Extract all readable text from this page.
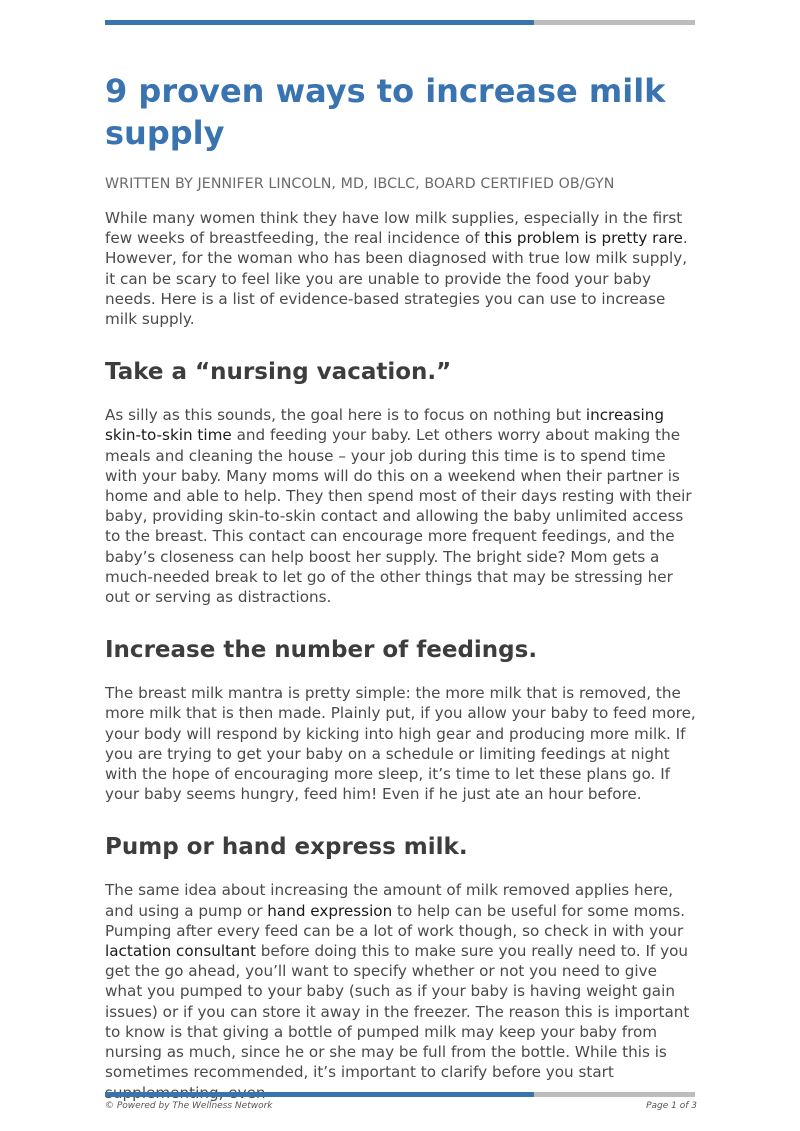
9 proven ways to increase milk supply
WRITTEN BY JENNIFER LINCOLN, MD, IBCLC, BOARD CERTIFIED OB/GYN

While many women think they have low milk supplies, especially in the first few weeks of breastfeeding, the real incidence of this problem is pretty rare. However, for the woman who has been diagnosed with true low milk supply, it can be scary to feel like you are unable to provide the food your baby needs. Here is a list of evidence-based strategies you can use to increase milk supply.

Take a “nursing vacation.”

As silly as this sounds, the goal here is to focus on nothing but increasing skin-to-skin time and feeding your baby. Let others worry about making the meals and cleaning the house – your job during this time is to spend time with your baby. Many moms will do this on a weekend when their partner is home and able to help. They then spend most of their days resting with their baby, providing skin-to-skin contact and allowing the baby unlimited access to the breast. This contact can encourage more frequent feedings, and the baby’s closeness can help boost her supply. The bright side? Mom gets a much-needed break to let go of the other things that may be stressing her out or serving as distractions.

Increase the number of feedings.

The breast milk mantra is pretty simple: the more milk that is removed, the more milk that is then made. Plainly put, if you allow your baby to feed more, your body will respond by kicking into high gear and producing more milk. If you are trying to get your baby on a schedule or limiting feedings at night with the hope of encouraging more sleep, it’s time to let these plans go. If your baby seems hungry, feed him! Even if he just ate an hour before.

Pump or hand express milk.

The same idea about increasing the amount of milk removed applies here, and using a pump or hand expression to help can be useful for some moms. Pumping after every feed can be a lot of work though, so check in with your lactation consultant before doing this to make sure you really need to. If you get the go ahead, you’ll want to specify whether or not you need to give what you pumped to your baby (such as if your baby is having weight gain issues) or if you can store it away in the freezer. The reason this is important to know is that giving a bottle of pumped milk may keep your baby from nursing as much, since he or she may be full from the bottle. While this is sometimes recommended, it’s important to clarify before you start

© Powered by The Wellness Network	Page 1 of 3
